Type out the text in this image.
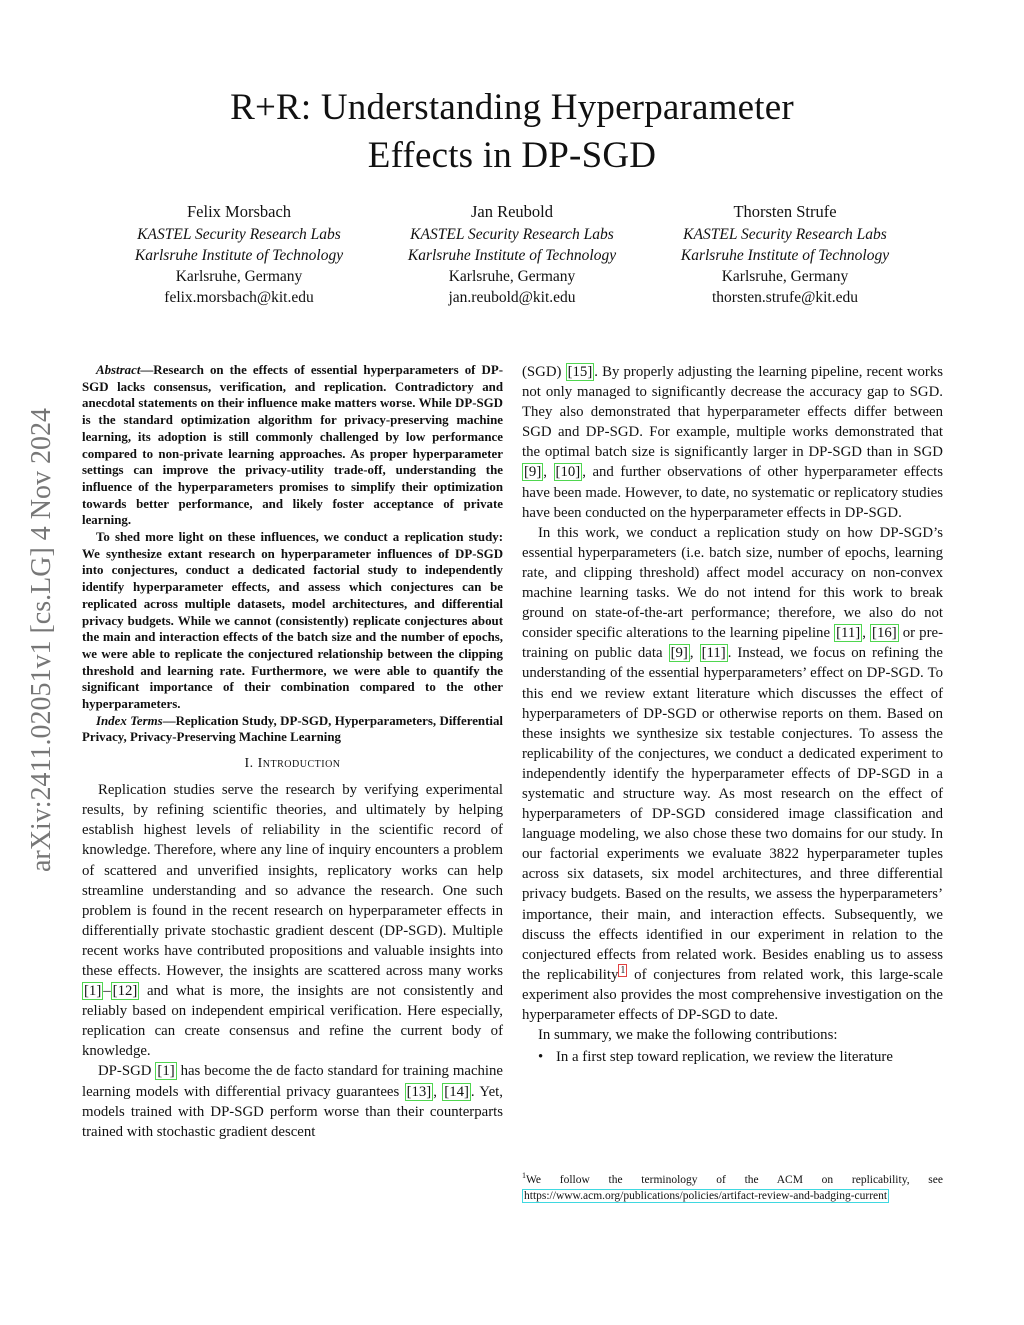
R+R: Understanding Hyperparameter
Effects in DP-SGD
Felix Morsbach
KASTEL Security Research Labs
Karlsruhe Institute of Technology
Karlsruhe, Germany
felix.morsbach@kit.edu
Jan Reubold
KASTEL Security Research Labs
Karlsruhe Institute of Technology
Karlsruhe, Germany
jan.reubold@kit.edu
Thorsten Strufe
KASTEL Security Research Labs
Karlsruhe Institute of Technology
Karlsruhe, Germany
thorsten.strufe@kit.edu
arXiv:2411.02051v1 [cs.LG] 4 Nov 2024

Abstract—Research on the effects of essential hyperparameters of DP-SGD lacks consensus, verification, and replication. Contradictory and anecdotal statements on their influence make matters worse. While DP-SGD is the standard optimization algorithm for privacy-preserving machine learning, its adoption is still commonly challenged by low performance compared to non-private learning approaches. As proper hyperparameter settings can improve the privacy-utility trade-off, understanding the influence of the hyperparameters promises to simplify their optimization towards better performance, and likely foster acceptance of private learning.

To shed more light on these influences, we conduct a replication study: We synthesize extant research on hyperparameter influences of DP-SGD into conjectures, conduct a dedicated factorial study to independently identify hyperparameter effects, and assess which conjectures can be replicated across multiple datasets, model architectures, and differential privacy budgets. While we cannot (consistently) replicate conjectures about the main and interaction effects of the batch size and the number of epochs, we were able to replicate the conjectured relationship between the clipping threshold and learning rate. Furthermore, we were able to quantify the significant importance of their combination compared to the other hyperparameters.

Index Terms—Replication Study, DP-SGD, Hyperparameters, Differential Privacy, Privacy-Preserving Machine Learning

I. Introduction

Replication studies serve the research by verifying experimental results, by refining scientific theories, and ultimately by helping establish highest levels of reliability in the scientific record of knowledge. Therefore, where any line of inquiry encounters a problem of scattered and unverified insights, replicatory works can help streamline understanding and so advance the research. One such problem is found in the recent research on hyperparameter effects in differentially private stochastic gradient descent (DP-SGD). Multiple recent works have contributed propositions and valuable insights into these effects. However, the insights are scattered across many works [1] – [12] and what is more, the insights are not consistently and reliably based on independent empirical verification. Here especially, replication can create consensus and refine the current body of knowledge.

DP-SGD [1] has become the de facto standard for training machine learning models with differential privacy guarantees [13] , [14] . Yet, models trained with DP-SGD perform worse than their counterparts trained with stochastic gradient descent

(SGD) [15] . By properly adjusting the learning pipeline, recent works not only managed to significantly decrease the accuracy gap to SGD. They also demonstrated that hyperparameter effects differ between SGD and DP-SGD. For example, multiple works demonstrated that the optimal batch size is significantly larger in DP-SGD than in SGD [9] , [10] , and further observations of other hyperparameter effects have been made. However, to date, no systematic or replicatory studies have been conducted on the hyperparameter effects in DP-SGD.

In this work, we conduct a replication study on how DP-SGD’s essential hyperparameters (i.e. batch size, number of epochs, learning rate, and clipping threshold) affect model accuracy on non-convex machine learning tasks. We do not intend for this work to break ground on state-of-the-art performance; therefore, we also do not consider specific alterations to the learning pipeline [11] , [16] or pre-training on public data [9] , [11] . Instead, we focus on refining the understanding of the essential hyperparameters’ effect on DP-SGD. To this end we review extant literature which discusses the effect of hyperparameters of DP-SGD or otherwise reports on them. Based on these insights we synthesize six testable conjectures. To assess the replicability of the conjectures, we conduct a dedicated experiment to independently identify the hyperparameter effects of DP-SGD in a systematic and structure way. As most research on the effect of hyperparameters of DP-SGD considered image classification and language modeling, we also chose these two domains for our study. In our factorial experiments we evaluate 3822 hyperparameter tuples across six datasets, six model architectures, and three differential privacy budgets. Based on the results, we assess the hyperparameters’ importance, their main, and interaction effects. Subsequently, we discuss the effects identified in our experiment in relation to the conjectured effects from related work. Besides enabling us to assess the replicability $^1$ of conjectures from related work, this large-scale experiment also provides the most comprehensive investigation on the hyperparameter effects of DP-SGD to date.

In summary, we make the following contributions:

• In a first step toward replication, we review the literature
$^1$We follow the terminology of the ACM on replicability, see https://www.acm.org/publications/policies/artifact-review-and-badging-current
